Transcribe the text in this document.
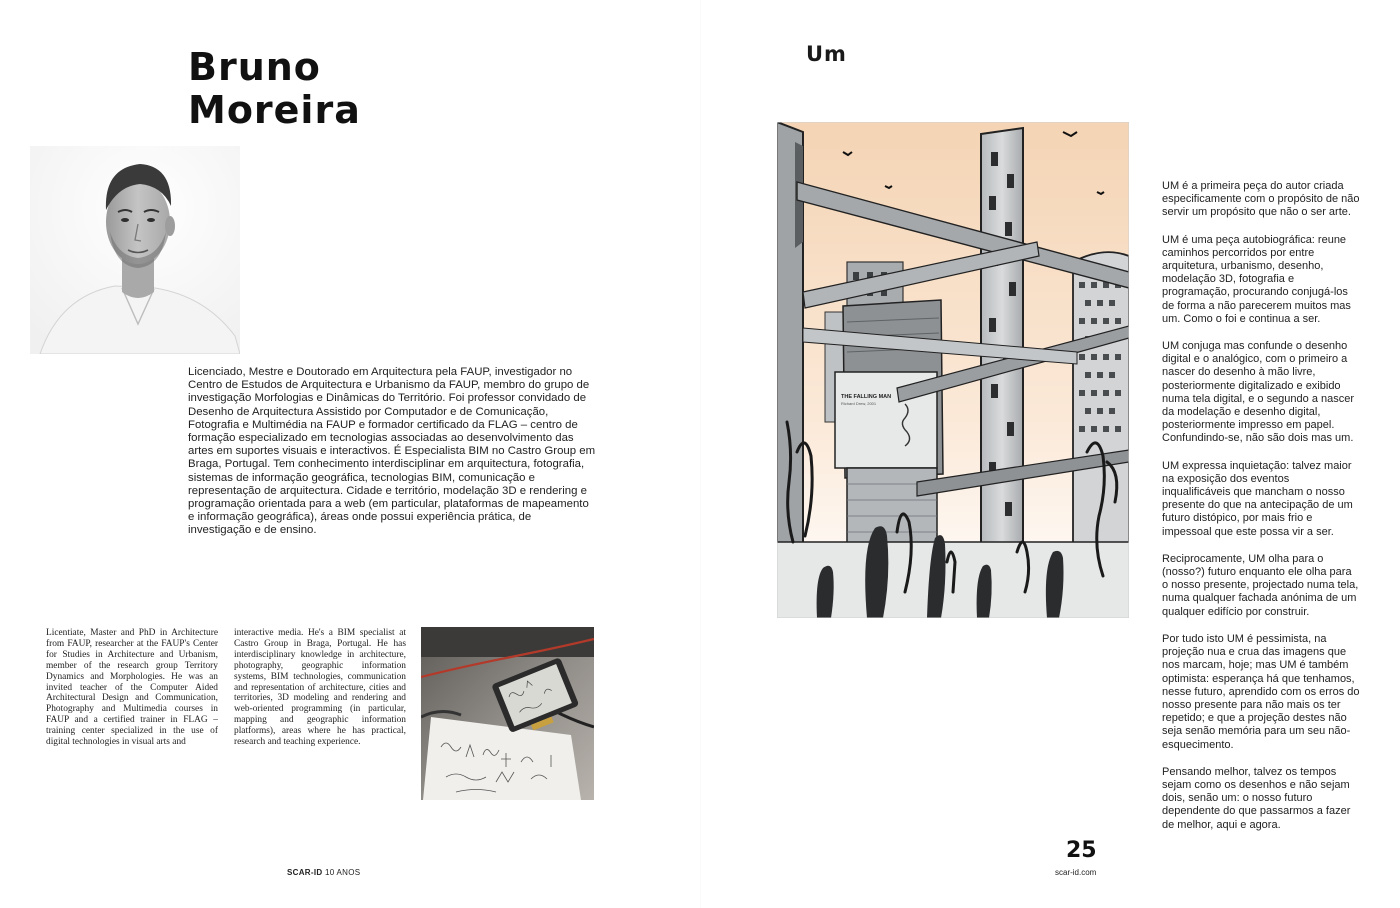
Bruno
Moreira

Licenciado, Mestre e Doutorado em Arquitectura pela FAUP, investigador no Centro de Estudos de Arquitectura e Urbanismo da FAUP, membro do grupo de investigação Morfologias e Dinâmicas do Território. Foi professor convidado de Desenho de Arquitectura Assistido por Computador e de Comunicação, Fotografia e Multimédia na FAUP e formador certificado da FLAG – centro de formação especializado em tecnologias associadas ao desenvolvimento das artes em suportes visuais e interactivos. É Especialista BIM no Castro Group em Braga, Portugal. Tem conhecimento interdisciplinar em arquitectura, fotografia, sistemas de informação geográfica, tecnologias BIM, comunicação e representação de arquitectura. Cidade e território, modelação 3D e rendering e programação orientada para a web (em particular, plataformas de mapeamento e informação geográfica), áreas onde possui experiência prática, de investigação e de ensino.

Licentiate, Master and PhD in Architecture from FAUP, researcher at the FAUP's Center for Studies in Architecture and Urbanism, member of the research group Territory Dynamics and Morphologies. He was an invited teacher of the Computer Aided Architectural Design and Communication, Photography and Multimedia courses in FAUP and a certified trainer in FLAG – training center specialized in the use of digital technologies in visual arts and

interactive media. He's a BIM specialist at Castro Group in Braga, Portugal. He has interdisciplinary knowledge in architecture, photography, geographic information systems, BIM technologies, communication and representation of architecture, cities and territories, 3D modeling and rendering and web-oriented programming (in particular, mapping and geographic information platforms), areas where he has practical, research and teaching experience.

SCAR-ID 10 ANOS
Um
THE FALLING MAN
Richard Drew, 2001

UM é a primeira peça do autor criada especificamente com o propósito de não servir um propósito que não o ser arte.

UM é uma peça autobiográfica: reune caminhos percorridos por entre arquitetura, urbanismo, desenho, modelação 3D, fotografia e programação, procurando conjugá-los de forma a não parecerem muitos mas um. Como o foi e continua a ser.

UM conjuga mas confunde o desenho digital e o analógico, com o primeiro a nascer do desenho à mão livre, posteriormente digitalizado e exibido numa tela digital, e o segundo a nascer da modelação e desenho digital, posteriormente impresso em papel. Confundindo-se, não são dois mas um.

UM expressa inquietação: talvez maior na exposição dos eventos inqualificáveis que mancham o nosso presente do que na antecipação de um futuro distópico, por mais frio e impessoal que este possa vir a ser.

Reciprocamente, UM olha para o (nosso?) futuro enquanto ele olha para o nosso presente, projectado numa tela, numa qualquer fachada anónima de um qualquer edifício por construir.

Por tudo isto UM é pessimista, na projeção nua e crua das imagens que nos marcam, hoje; mas UM é também optimista: esperança há que tenhamos, nesse futuro, aprendido com os erros do nosso presente para não mais os ter repetido; e que a projeção destes não seja senão memória para um seu não-esquecimento.

Pensando melhor, talvez os tempos sejam como os desenhos e não sejam dois, senão um: o nosso futuro dependente do que passarmos a fazer de melhor, aqui e agora.

25
scar-id.com
